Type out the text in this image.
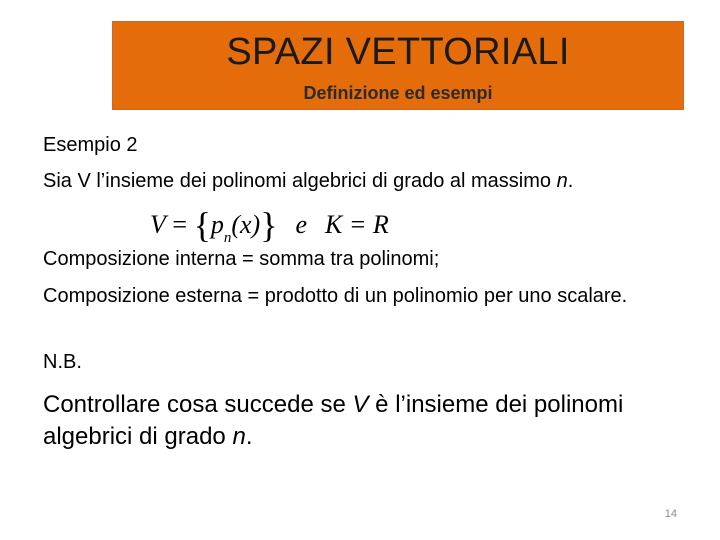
SPAZI VETTORIALI
Definizione ed esempi
Esempio 2
Sia V l’insieme dei polinomi algebrici di grado al massimo n.
$V = \{p_n(x)\}$ e K = R
Composizione interna = somma tra polinomi;
Composizione esterna = prodotto di un polinomio per uno scalare.
N.B.
Controllare cosa succede se V è l’insieme dei polinomi algebrici di grado n.
14
